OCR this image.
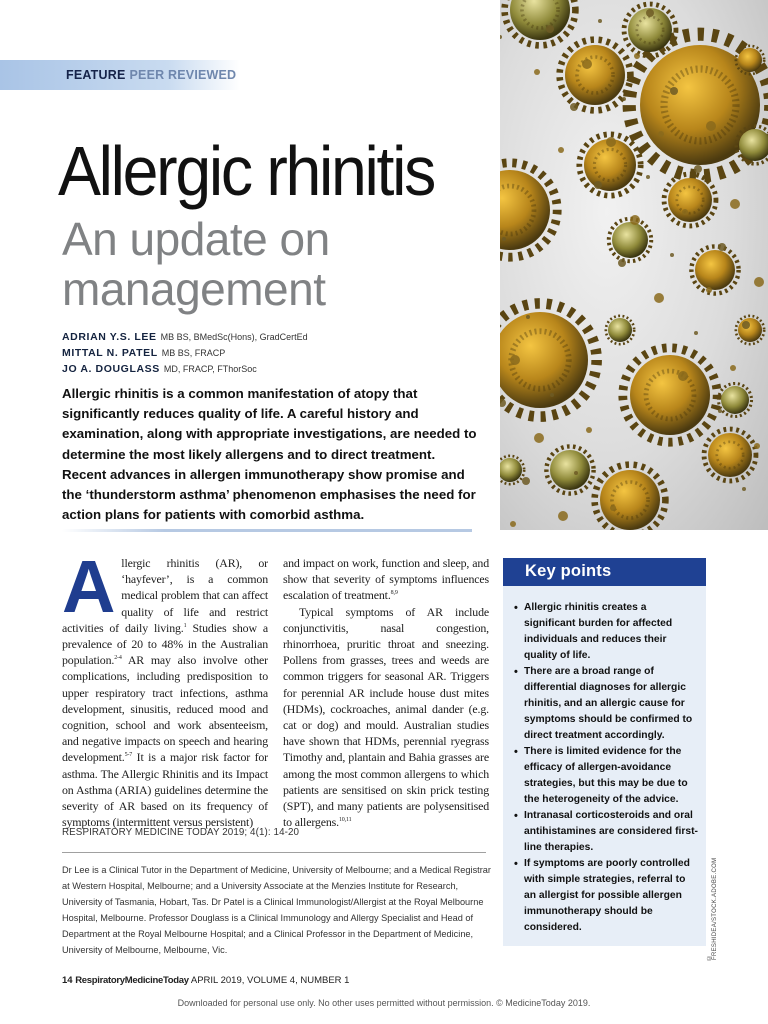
FEATURE PEER REVIEWED
© FRESHIDEA/STOCK.ADOBE.COM
Allergic rhinitis
An update on
management
ADRIAN Y.S. LEE MB BS, BMedSc(Hons), GradCertEd
MITTAL N. PATEL MB BS, FRACP
JO A. DOUGLASS MD, FRACP, FThorSoc

Allergic rhinitis is a common manifestation of atopy that significantly reduces quality of life. A careful history and examination, along with appropriate investigations, are needed to determine the most likely allergens and to direct treatment. Recent advances in allergen immunotherapy show promise and the ‘thunderstorm asthma’ phenomenon emphasises the need for action plans for patients with comorbid asthma.

Allergic rhinitis (AR), or ‘hayfever’, is a common medical problem that can affect quality of life and restrict activities of daily living.$^1$ Studies show a prevalence of 20 to 48% in the Australian population.$^{2-4}$ AR may also involve other complications, including predisposition to upper respiratory tract infections, asthma development, sinusitis, reduced mood and cognition, school and work absenteeism, and negative impacts on speech and hearing development.$^{5-7}$ It is a major risk factor for asthma. The Allergic Rhinitis and its Impact on Asthma (ARIA) guidelines determine the severity of AR based on its frequency of symptoms (intermittent versus persistent)
and impact on work, function and sleep, and show that severity of symptoms influences escalation of treatment.$^{8,9}$
Typical symptoms of AR include conjunctivitis, nasal congestion, rhinorrhoea, pruritic throat and sneezing. Pollens from grasses, trees and weeds are common triggers for seasonal AR. Triggers for perennial AR include house dust mites (HDMs), cockroaches, animal dander (e.g. cat or dog) and mould. Australian studies have shown that HDMs, perennial ryegrass Timothy and, plantain and Bahia grasses are among the most common allergens to which patients are sensitised on skin prick testing (SPT), and many patients are polysensitised to allergens.$^{10,11}$
RESPIRATORY MEDICINE TODAY 2019; 4(1): 14-20

Dr Lee is a Clinical Tutor in the Department of Medicine, University of Melbourne; and a Medical Registrar at Western Hospital, Melbourne; and a University Associate at the Menzies Institute for Research, University of Tasmania, Hobart, Tas. Dr Patel is a Clinical Immunologist/Allergist at the Royal Melbourne Hospital, Melbourne. Professor Douglass is a Clinical Immunology and Allergy Specialist and Head of Department at the Royal Melbourne Hospital; and a Clinical Professor in the Department of Medicine, University of Melbourne, Melbourne, Vic.

Key points
• Allergic rhinitis creates a significant burden for affected individuals and reduces their quality of life.
• There are a broad range of differential diagnoses for allergic rhinitis, and an allergic cause for symptoms should be confirmed to direct treatment accordingly.
• There is limited evidence for the efficacy of allergen-avoidance strategies, but this may be due to the heterogeneity of the advice.
• Intranasal corticosteroids and oral antihistamines are considered first-line therapies.
• If symptoms are poorly controlled with simple strategies, referral to an allergist for possible allergen immunotherapy should be considered.
14 RespiratoryMedicineToday APRIL 2019, VOLUME 4, NUMBER 1
Downloaded for personal use only. No other uses permitted without permission. © MedicineToday 2019.
